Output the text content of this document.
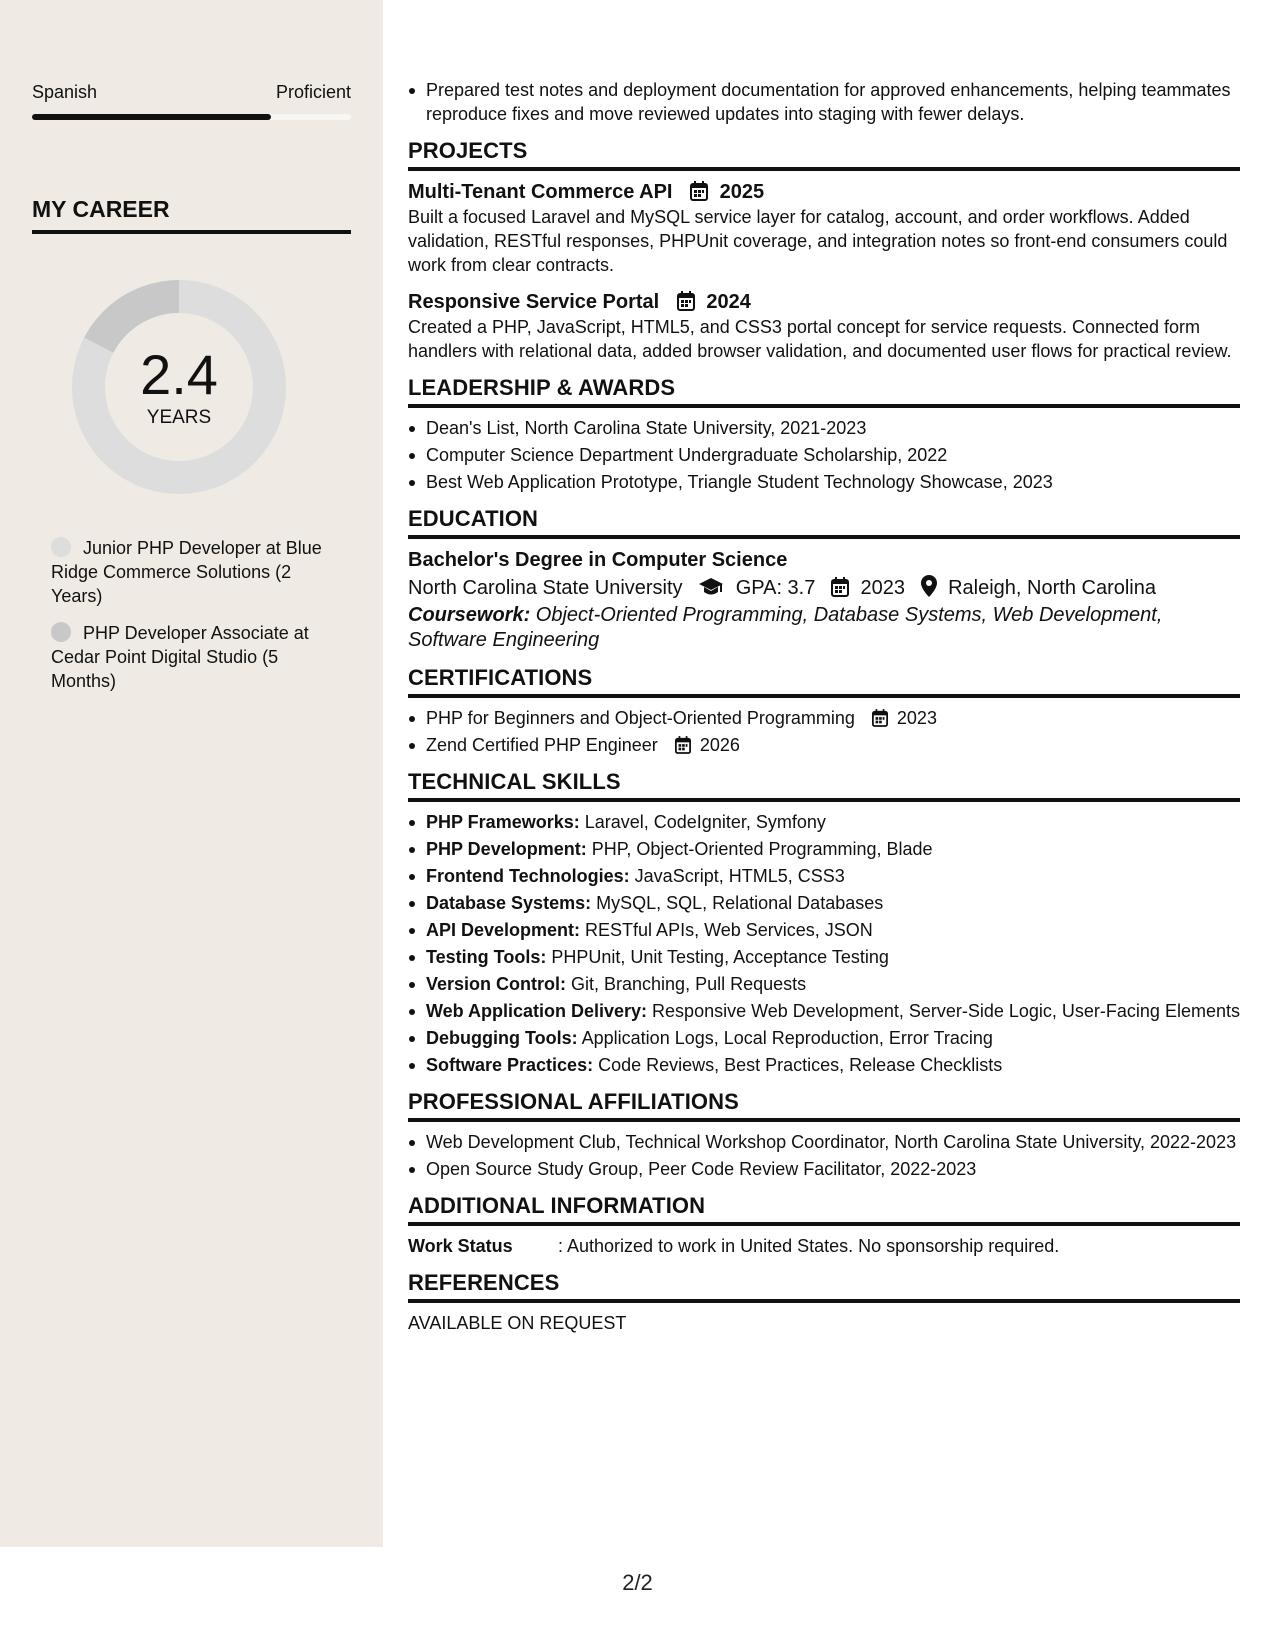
Spanish	Proficient
MY CAREER
2.4
YEARS
Junior PHP Developer at Blue Ridge Commerce Solutions (2 Years)
PHP Developer Associate at Cedar Point Digital Studio (5 Months)
Prepared test notes and deployment documentation for approved enhancements, helping teammates reproduce fixes and move reviewed updates into staging with fewer delays.
PROJECTS
Multi-Tenant Commerce API 2025
Built a focused Laravel and MySQL service layer for catalog, account, and order workflows. Added validation, RESTful responses, PHPUnit coverage, and integration notes so front-end consumers could work from clear contracts.
Responsive Service Portal 2024
Created a PHP, JavaScript, HTML5, and CSS3 portal concept for service requests. Connected form handlers with relational data, added browser validation, and documented user flows for practical review.
LEADERSHIP & AWARDS
Dean's List, North Carolina State University, 2021-2023
Computer Science Department Undergraduate Scholarship, 2022
Best Web Application Prototype, Triangle Student Technology Showcase, 2023
EDUCATION
Bachelor's Degree in Computer Science
North Carolina State University	GPA: 3.7 2023 Raleigh, North Carolina
Coursework: Object-Oriented Programming, Database Systems, Web Development, Software Engineering
CERTIFICATIONS
PHP for Beginners and Object-Oriented Programming 2023
Zend Certified PHP Engineer 2026
TECHNICAL SKILLS
PHP Frameworks: Laravel, CodeIgniter, Symfony
PHP Development: PHP, Object-Oriented Programming, Blade
Frontend Technologies: JavaScript, HTML5, CSS3
Database Systems: MySQL, SQL, Relational Databases
API Development: RESTful APIs, Web Services, JSON
Testing Tools: PHPUnit, Unit Testing, Acceptance Testing
Version Control: Git, Branching, Pull Requests
Web Application Delivery: Responsive Web Development, Server-Side Logic, User-Facing Elements
Debugging Tools: Application Logs, Local Reproduction, Error Tracing
Software Practices: Code Reviews, Best Practices, Release Checklists
PROFESSIONAL AFFILIATIONS
Web Development Club, Technical Workshop Coordinator, North Carolina State University, 2022-2023
Open Source Study Group, Peer Code Review Facilitator, 2022-2023
ADDITIONAL INFORMATION
Work Status	: Authorized to work in United States. No sponsorship required.
REFERENCES
AVAILABLE ON REQUEST
2/2
